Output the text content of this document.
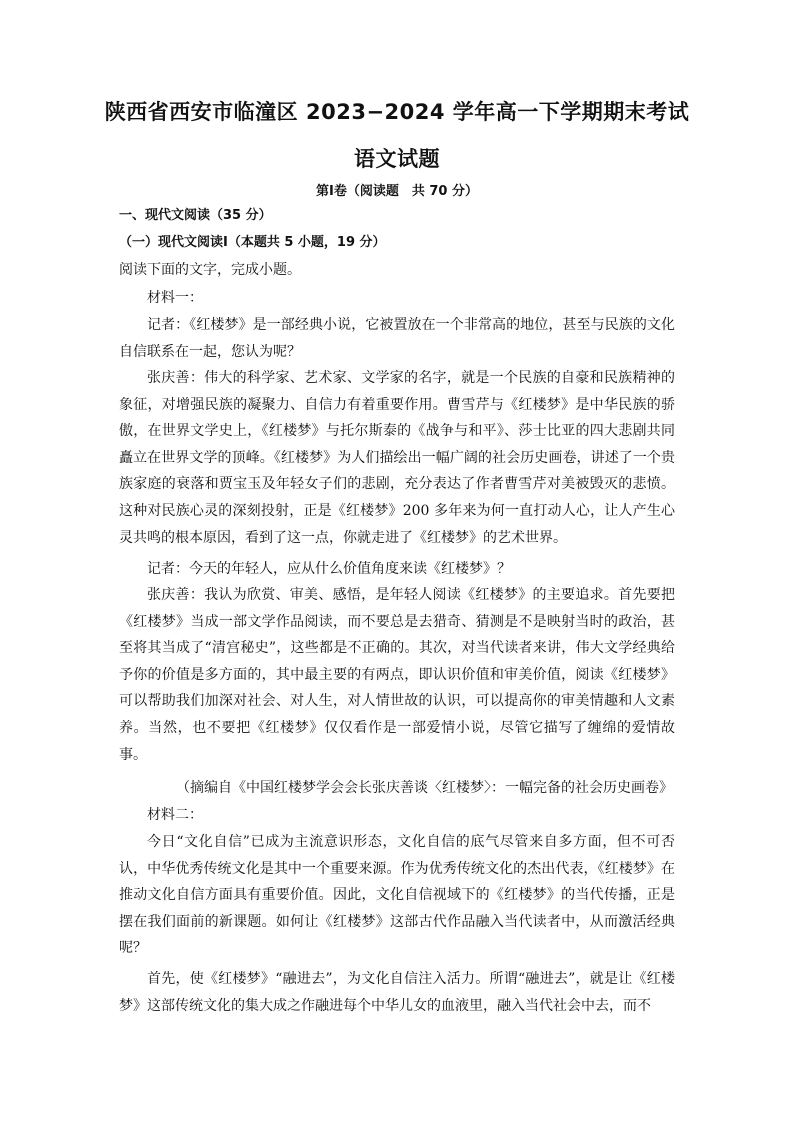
陕西省西安市临潼区 2023−2024 学年高一下学期期末考试
语文试题
第Ⅰ卷（阅读题　共 70 分）
一、现代文阅读（35 分）
（一）现代文阅读Ⅰ（本题共 5 小题，19 分）
阅读下面的文字，完成小题。
材料一：

记者：《红楼梦》是一部经典小说，它被置放在一个非常高的地位，甚至与民族的文化自信联系在一起，您认为呢？

张庆善：伟大的科学家、艺术家、文学家的名字，就是一个民族的自豪和民族精神的象征，对增强民族的凝聚力、自信力有着重要作用。曹雪芹与《红楼梦》是中华民族的骄傲，在世界文学史上，《红楼梦》与托尔斯泰的《战争与和平》、莎士比亚的四大悲剧共同矗立在世界文学的顶峰。《红楼梦》为人们描绘出一幅广阔的社会历史画卷，讲述了一个贵族家庭的衰落和贾宝玉及年轻女子们的悲剧，充分表达了作者曹雪芹对美被毁灭的悲愤。这种对民族心灵的深刻投射，正是《红楼梦》200 多年来为何一直打动人心，让人产生心灵共鸣的根本原因，看到了这一点，你就走进了《红楼梦》的艺术世界。

记者：今天的年轻人，应从什么价值角度来读《红楼梦》？

张庆善：我认为欣赏、审美、感悟，是年轻人阅读《红楼梦》的主要追求。首先要把《红楼梦》当成一部文学作品阅读，而不要总是去猎奇、猜测是不是映射当时的政治，甚至将其当成了“清宫秘史”，这些都是不正确的。其次，对当代读者来讲，伟大文学经典给予你的价值是多方面的，其中最主要的有两点，即认识价值和审美价值，阅读《红楼梦》可以帮助我们加深对社会、对人生，对人情世故的认识，可以提高你的审美情趣和人文素养。当然，也不要把《红楼梦》仅仅看作是一部爱情小说，尽管它描写了缠绵的爱情故事。

（摘编自《中国红楼梦学会会长张庆善谈〈红楼梦〉：一幅完备的社会历史画卷》
材料二：

今日“文化自信”已成为主流意识形态，文化自信的底气尽管来自多方面，但不可否认，中华优秀传统文化是其中一个重要来源。作为优秀传统文化的杰出代表，《红楼梦》在推动文化自信方面具有重要价值。因此，文化自信视域下的《红楼梦》的当代传播，正是摆在我们面前的新课题。如何让《红楼梦》这部古代作品融入当代读者中，从而激活经典呢？

首先，使《红楼梦》“融进去”，为文化自信注入活力。所谓“融进去”，就是让《红楼梦》这部传统文化的集大成之作融进每个中华儿女的血液里，融入当代社会中去，而不
